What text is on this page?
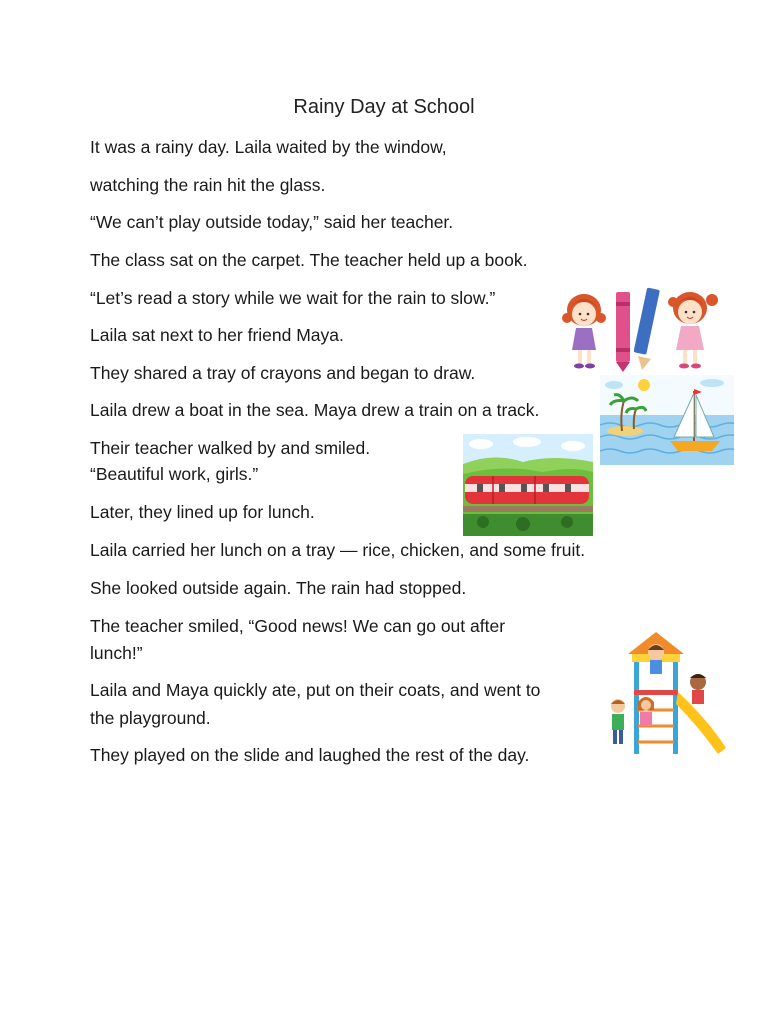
Rainy Day at School
It was a rainy day. Laila waited by the window,
watching the rain hit the glass.
“We can’t play outside today,” said her teacher.
The class sat on the carpet. The teacher held up a book.
“Let’s read a story while we wait for the rain to slow.”
Laila sat next to her friend Maya.
They shared a tray of crayons and began to draw.
Laila drew a boat in the sea. Maya drew a train on a track.
Their teacher walked by and smiled.
“Beautiful work, girls.”
Later, they lined up for lunch.
Laila carried her lunch on a tray — rice, chicken, and some fruit.
She looked outside again. The rain had stopped.
The teacher smiled, “Good news! We can go out after
lunch!”
Laila and Maya quickly ate, put on their coats, and went to
the playground.
They played on the slide and laughed the rest of the day.
